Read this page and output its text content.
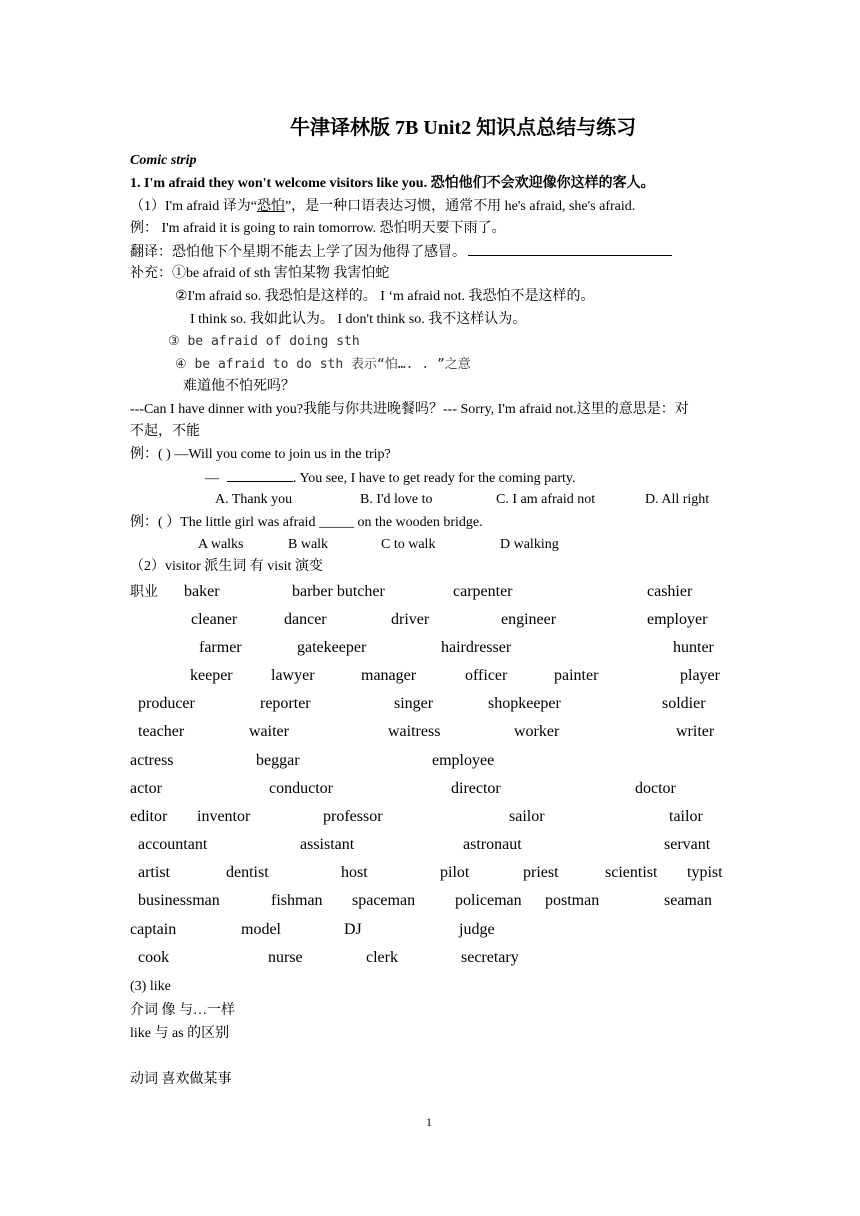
牛津译林版 7B Unit2 知识点总结与练习
Comic strip
1. I'm afraid they won't welcome visitors like you. 恐怕他们不会欢迎像你这样的客人。
（1）I'm afraid 译为“恐怕”，是一种口语表达习惯，通常不用 he's afraid, she's afraid.
例： I'm afraid it is going to rain tomorrow. 恐怕明天要下雨了。
翻译：恐怕他下个星期不能去上学了因为他得了感冒。
补充：①be afraid of sth 害怕某物 我害怕蛇
②I'm afraid so. 我恐怕是这样的。 I ‘m afraid not. 我恐怕不是这样的。
I think so. 我如此认为。 I don't think so. 我不这样认为。
③ be afraid of doing sth
④ be afraid to do sth 表示“怕…. . ”之意
难道他不怕死吗？
---Can I have dinner with you?我能与你共进晚餐吗？--- Sorry, I'm afraid not.这里的意思是：对
不起，不能
例：( ) —Will you come to join us in the trip?
—	. You see, I have to get ready for the coming party.
A. Thank you	B. I'd love to	C. I am afraid not	D. All right
例：( ）The little girl was afraid _____ on the wooden bridge.
A walks	B walk	C to walk	D walking
（2）visitor 派生词 有 visit 演变
职业 baker	barber butcher	carpenter	cashier
cleaner	dancer	driver	engineer	employer
farmer	gatekeeper	hairdresser	hunter
keeper lawyer	manager	officer	painter	player
producer	reporter	singer	shopkeeper	soldier
teacher	waiter	waitress	worker	writer
actress	beggar	employee
actor	conductor	director	doctor
editor inventor	professor	sailor	tailor
accountant	assistant	astronaut	servant
artist	dentist	host	pilot	priest	scientist typist
businessman	fishman spaceman policeman postman	seaman
captain	model	DJ	judge
cook	nurse	clerk	secretary
(3) like
介词 像 与…一样
like 与 as 的区别
动词 喜欢做某事
1
